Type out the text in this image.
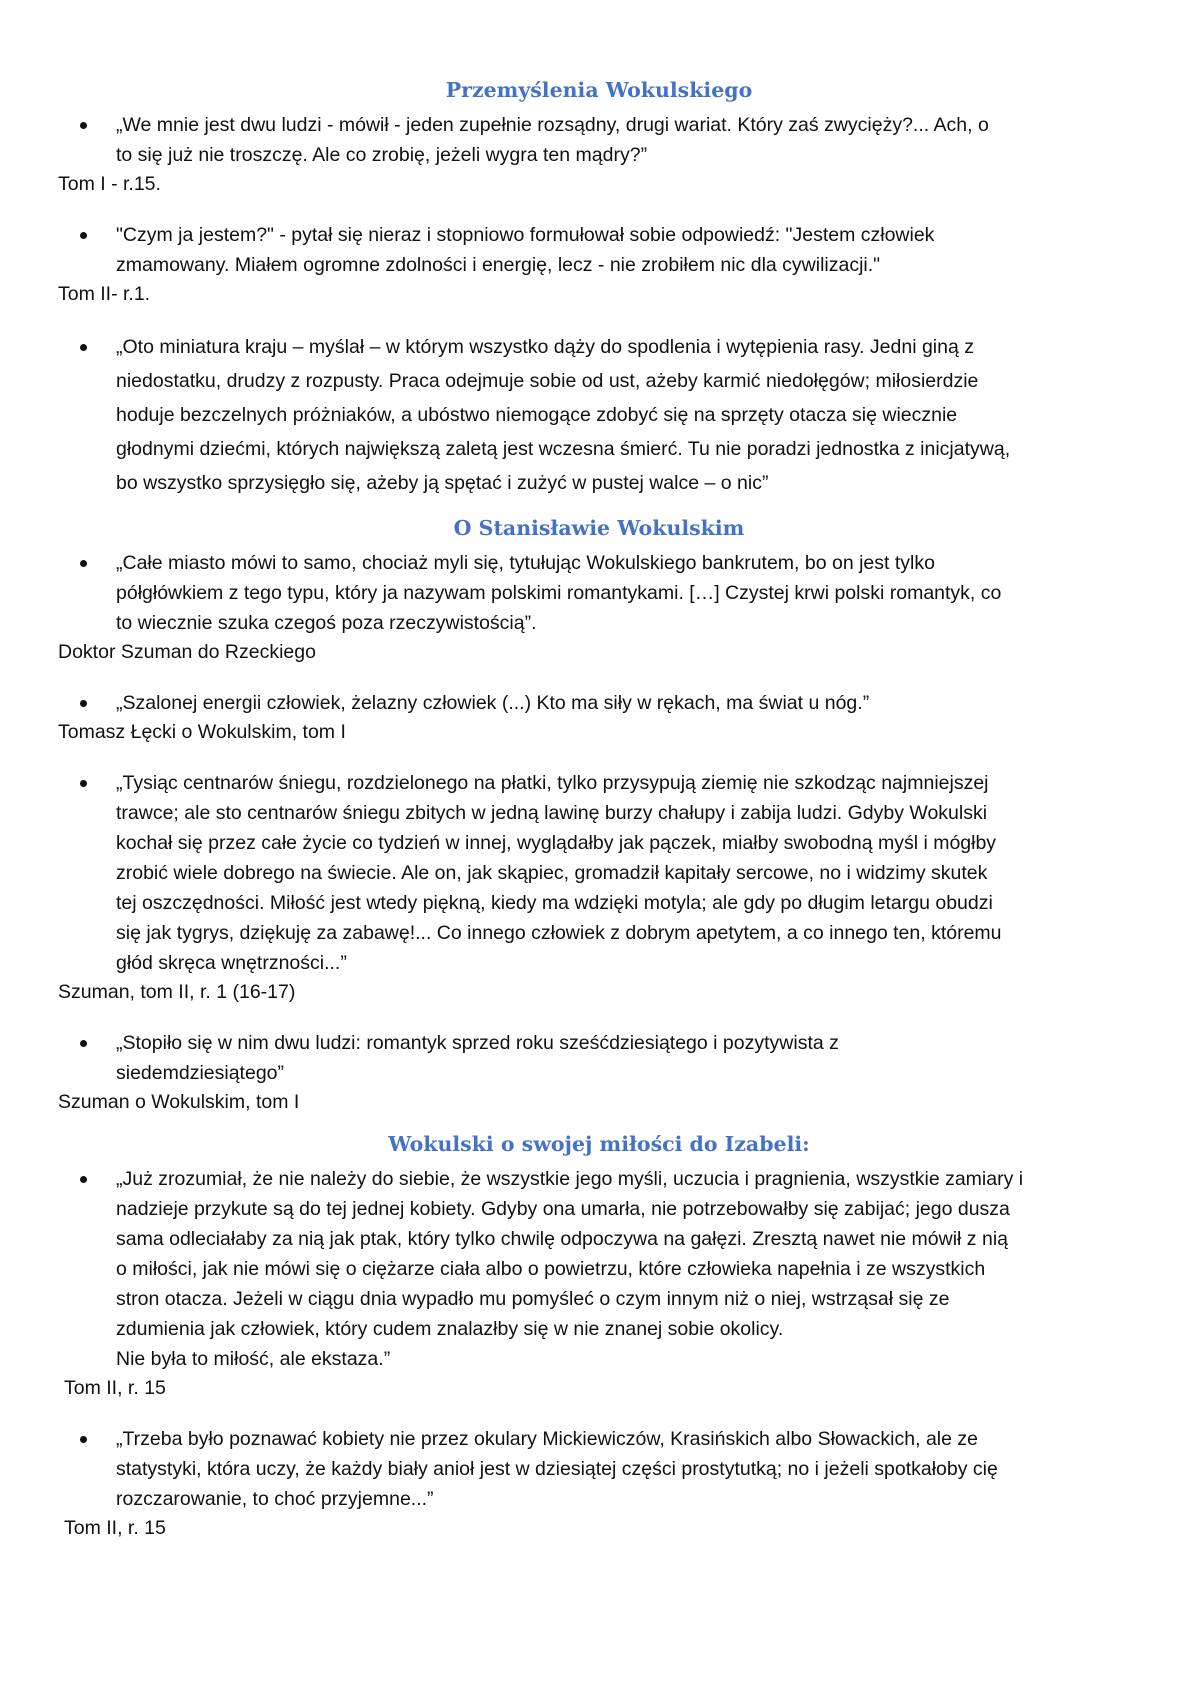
Przemyślenia Wokulskiego

„We mnie jest dwu ludzi - mówił - jeden zupełnie rozsądny, drugi wariat. Który zaś zwycięży?... Ach, o
to się już nie troszczę. Ale co zrobię, jeżeli wygra ten mądry?”

Tom I - r.15.

"Czym ja jestem?" - pytał się nieraz i stopniowo formułował sobie odpowiedź: "Jestem człowiek
zmamowany. Miałem ogromne zdolności i energię, lecz - nie zrobiłem nic dla cywilizacji."

Tom II- r.1.

„Oto miniatura kraju – myślał – w którym wszystko dąży do spodlenia i wytępienia rasy. Jedni giną z
niedostatku, drudzy z rozpusty. Praca odejmuje sobie od ust, ażeby karmić niedołęgów; miłosierdzie
hoduje bezczelnych próżniaków, a ubóstwo niemogące zdobyć się na sprzęty otacza się wiecznie
głodnymi dziećmi, których największą zaletą jest wczesna śmierć. Tu nie poradzi jednostka z inicjatywą,
bo wszystko sprzysięgło się, ażeby ją spętać i zużyć w pustej walce – o nic”

O Stanisławie Wokulskim

„Całe miasto mówi to samo, chociaż myli się, tytułując Wokulskiego bankrutem, bo on jest tylko
półgłówkiem z tego typu, który ja nazywam polskimi romantykami. […] Czystej krwi polski romantyk, co
to wiecznie szuka czegoś poza rzeczywistością”.

Doktor Szuman do Rzeckiego

„Szalonej energii człowiek, żelazny człowiek (...) Kto ma siły w rękach, ma świat u nóg.”

Tomasz Łęcki o Wokulskim, tom I

„Tysiąc centnarów śniegu, rozdzielonego na płatki, tylko przysypują ziemię nie szkodząc najmniejszej
trawce; ale sto centnarów śniegu zbitych w jedną lawinę burzy chałupy i zabija ludzi. Gdyby Wokulski
kochał się przez całe życie co tydzień w innej, wyglądałby jak pączek, miałby swobodną myśl i mógłby
zrobić wiele dobrego na świecie. Ale on, jak skąpiec, gromadził kapitały sercowe, no i widzimy skutek
tej oszczędności. Miłość jest wtedy piękną, kiedy ma wdzięki motyla; ale gdy po długim letargu obudzi
się jak tygrys, dziękuję za zabawę!... Co innego człowiek z dobrym apetytem, a co innego ten, któremu
głód skręca wnętrzności...”

Szuman, tom II, r. 1 (16-17)

„Stopiło się w nim dwu ludzi: romantyk sprzed roku sześćdziesiątego i pozytywista z
siedemdziesiątego”

Szuman o Wokulskim, tom I

Wokulski o swojej miłości do Izabeli:

„Już zrozumiał, że nie należy do siebie, że wszystkie jego myśli, uczucia i pragnienia, wszystkie zamiary i
nadzieje przykute są do tej jednej kobiety. Gdyby ona umarła, nie potrzebowałby się zabijać; jego dusza
sama odleciałaby za nią jak ptak, który tylko chwilę odpoczywa na gałęzi. Zresztą nawet nie mówił z nią
o miłości, jak nie mówi się o ciężarze ciała albo o powietrzu, które człowieka napełnia i ze wszystkich
stron otacza. Jeżeli w ciągu dnia wypadło mu pomyśleć o czym innym niż o niej, wstrząsał się ze
zdumienia jak człowiek, który cudem znalazłby się w nie znanej sobie okolicy.
Nie była to miłość, ale ekstaza.”

Tom II, r. 15

„Trzeba było poznawać kobiety nie przez okulary Mickiewiczów, Krasińskich albo Słowackich, ale ze
statystyki, która uczy, że każdy biały anioł jest w dziesiątej części prostytutką; no i jeżeli spotkałoby cię
rozczarowanie, to choć przyjemne...”

Tom II, r. 15
